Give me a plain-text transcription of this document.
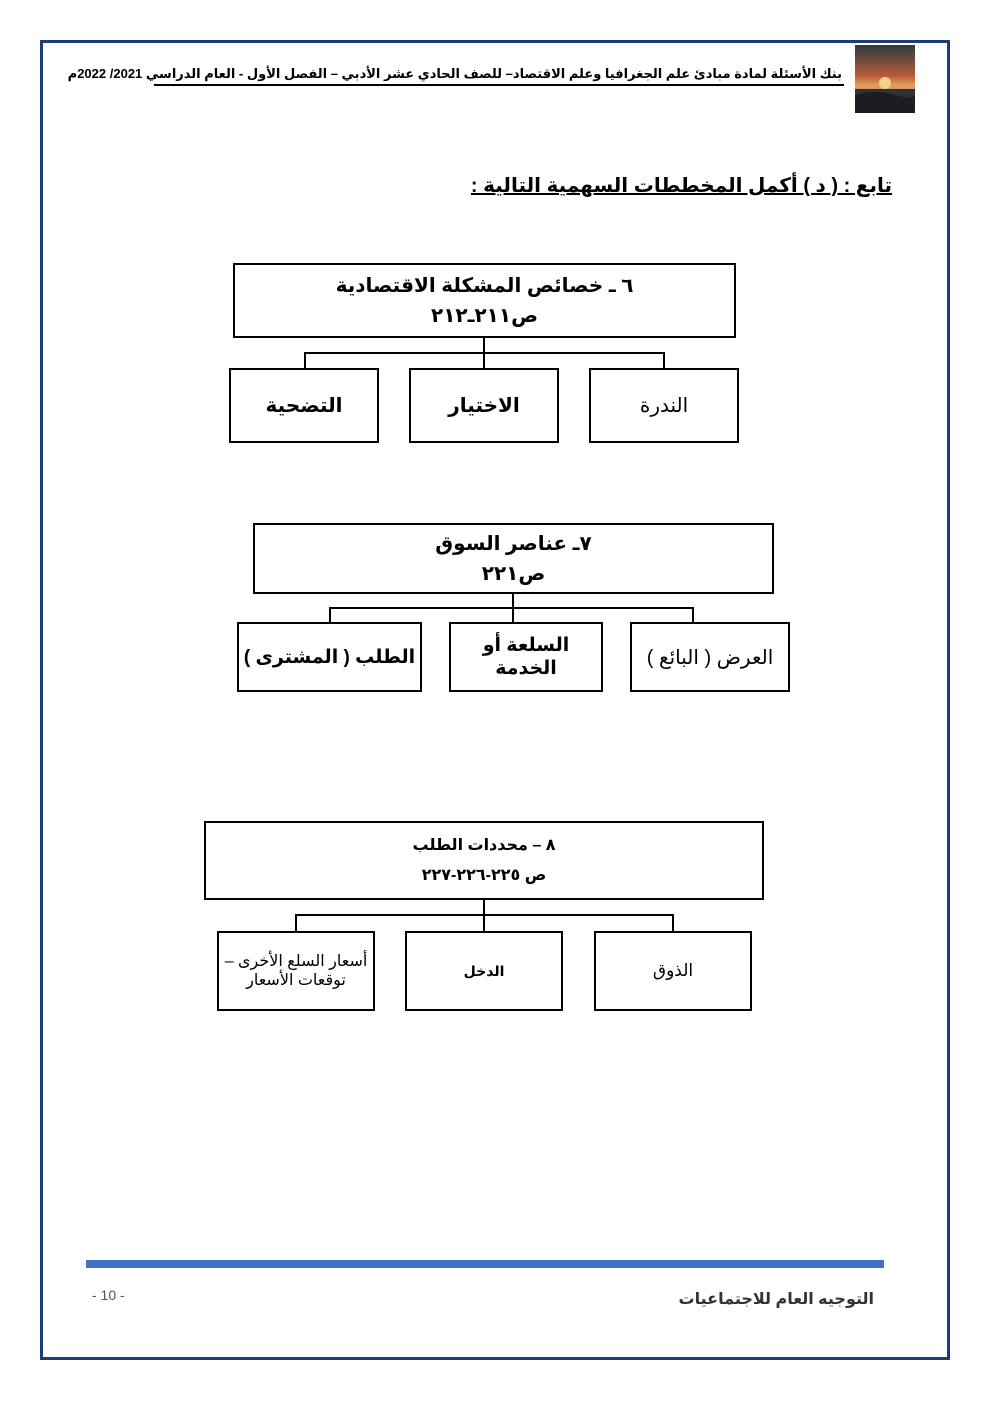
بنك الأسئلة لمادة مبادئ علم الجغرافيا وعلم الاقتصاد– للصف الحادي عشر الأدبي – الفصل الأول - العام الدراسي 2021/ 2022م
تابع : ( د ) أكمل المخططات السهمية التالية :
٦ ـ خصائص المشكلة الاقتصادية
ص٢١١ـ٢١٢
الندرة
الاختيار
التضحية
٧ـ عناصر السوق
ص٢٢١
العرض ( البائع )
السلعة أو الخدمة
الطلب ( المشترى )
٨ – محددات الطلب
ص ٢٢٥-٢٢٦-٢٢٧
الذوق
الدخل
أسعار السلع الأخرى – توقعات الأسعار
- 10 -	التوجيه العام للاجتماعيات
